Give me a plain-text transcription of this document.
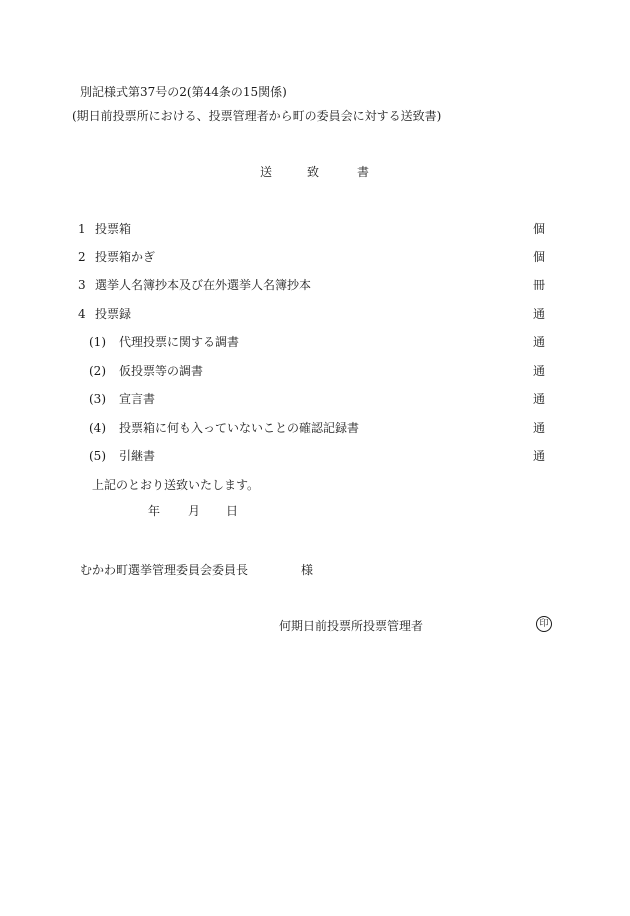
別記様式第37号の2(第44条の15関係)
(期日前投票所における、投票管理者から町の委員会に対する送致書)
送	致	書
1 投票箱	個
2 投票箱かぎ	個
3 選挙人名簿抄本及び在外選挙人名簿抄本	冊
4 投票録	通
(1) 代理投票に関する調書	通
(2) 仮投票等の調書	通
(3) 宣言書	通
(4) 投票箱に何も入っていないことの確認記録書	通
(5) 引継書	通
上記のとおり送致いたします。
年 月 日
むかわ町選挙管理委員会委員長	様
何期日前投票所投票管理者	印
